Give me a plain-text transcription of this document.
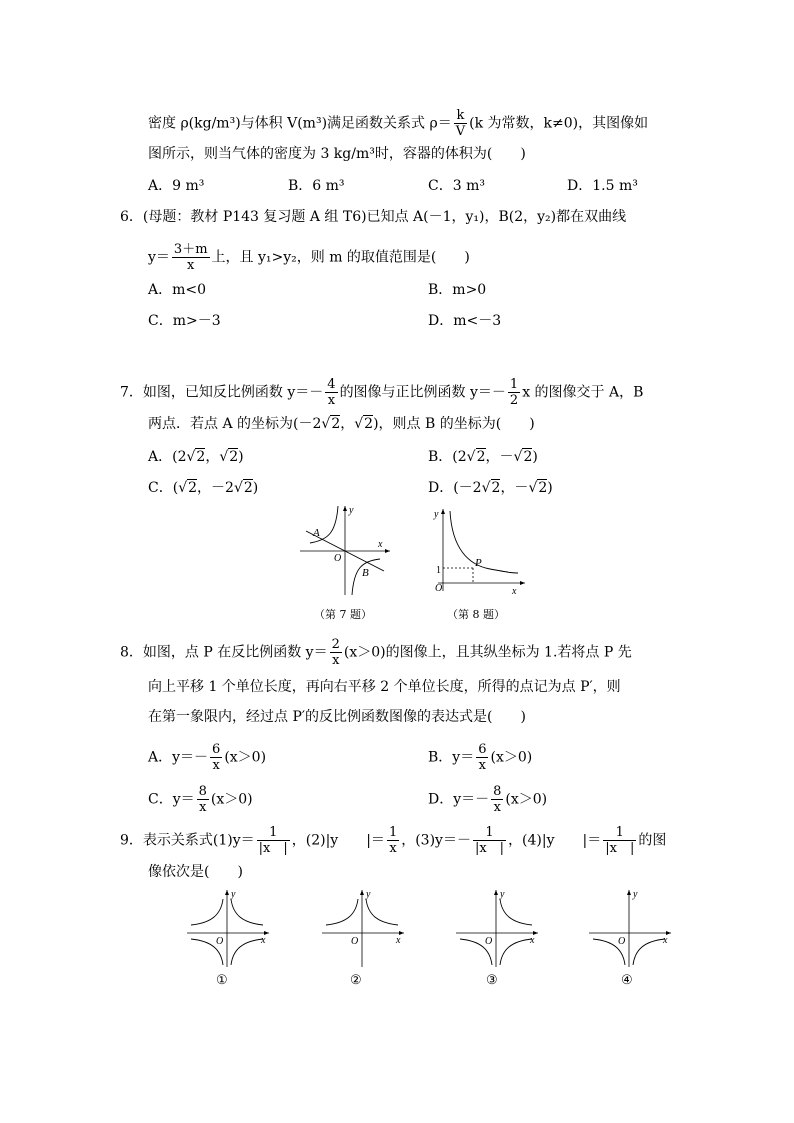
密度 ρ(kg/m³)与体积 V(m³)满足函数关系式 $\rho= \frac{k}{V} (k$ 为常数，k≠0)，其图像如
图所示，则当气体的密度为 3 kg/m³时，容器的体积为(　　)
A．9 m³	B．6 m³	C．3 m³	D．1.5 m³
6．(母题：教材 P143 复习题 A 组 T6)已知点 A(－1，y₁)，B(2，y₂)都在双曲线
$y= \frac{3+m}{x}$ 上，且 y₁>y₂，则 m 的取值范围是(　　)
A．m<0	B．m>0
C．m>－3	D．m<－3
7．如图，已知反比例函数 $y=- \frac{4}{x}$ 的图像与正比例函数 $y=- \frac{1}{2}$ x 的图像交于 A，B
两点．若点 A 的坐标为(－2√2，√2)，则点 B 的坐标为(　　)
A．(2√2，√2)	B．(2√2，－√2)
C．(√2，－2√2)	D．(－2√2，－√2)
A
B
O
x
y
（第 7 题）
P
1
O	x
y
（第 8 题）
8．如图，点 P 在反比例函数 $y= \frac{2}{x} (x>0)$的图像上，且其纵坐标为 1.若将点 P 先
向上平移 1 个单位长度，再向右平移 2 个单位长度，所得的点记为点 P′，则
在第一象限内，经过点 P′的反比例函数图像的表达式是(　　)
A．$y=- \frac{6}{x} (x>0)$	B．$y= \frac{6}{x} (x>0)$
C．$y= \frac{8}{x} (x>0)$	D．$y=- \frac{8}{x} (x>0)$
9．表示关系式$(1)y= \frac{1}{|x |}$ ，(2)|y　　|＝ $\frac{1}{x}$ ，$(3)y=- \frac{1}{|x |}$ ，(4)|y　　|＝ $\frac{1}{|x |}$ 的图
像依次是(　　)
O	x
y
①
O	x
y
②
O	x
y
③
O	x
y
④
